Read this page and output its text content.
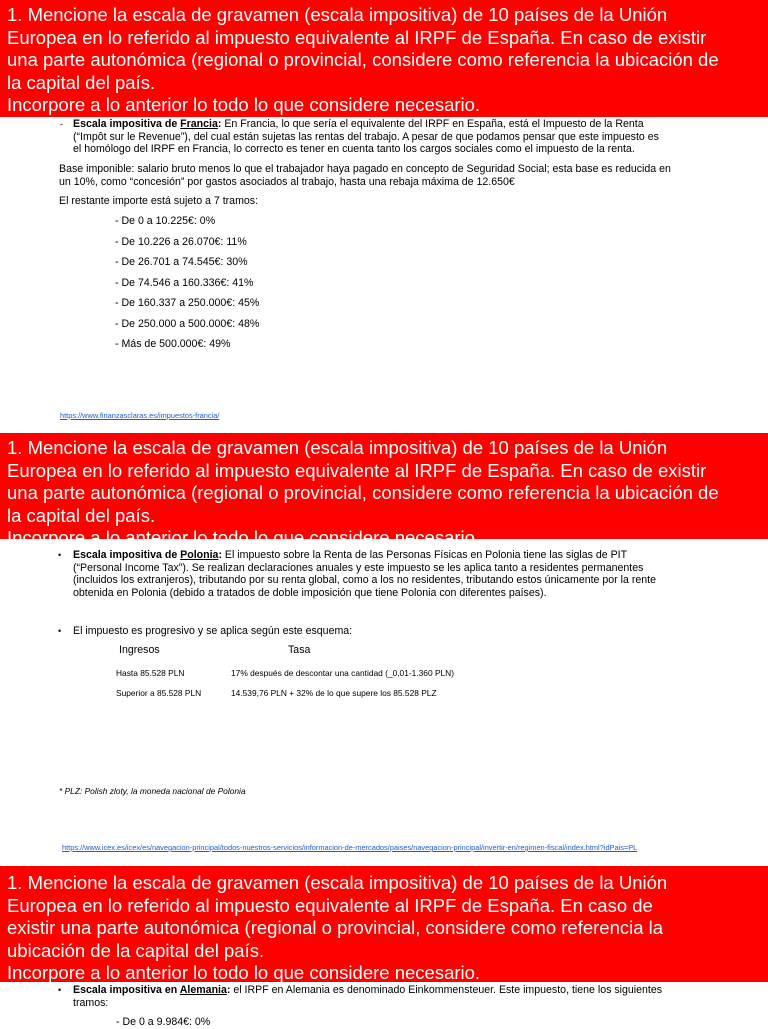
1. Mencione la escala de gravamen (escala impositiva) de 10 países de la Unión
Europea en lo referido al impuesto equivalente al IRPF de España. En caso de existir
una parte autonómica (regional o provincial, considere como referencia la ubicación de
la capital del país.
Incorpore a lo anterior lo todo lo que considere necesario.
- Escala impositiva de Francia: En Francia, lo que sería el equivalente del IRPF en España, está el Impuesto de la Renta
(“Impôt sur le Revenue”), del cual están sujetas las rentas del trabajo. A pesar de que podamos pensar que este impuesto es
el homólogo del IRPF en Francia, lo correcto es tener en cuenta tanto los cargos sociales como el impuesto de la renta.
Base imponible: salario bruto menos lo que el trabajador haya pagado en concepto de Seguridad Social; esta base es reducida en
un 10%, como “concesión” por gastos asociados al trabajo, hasta una rebaja máxima de 12.650€
El restante importe está sujeto a 7 tramos:
- De 0 a 10.225€: 0%
- De 10.226 a 26.070€: 11%
- De 26.701 a 74.545€: 30%
- De 74.546 a 160.336€: 41%
- De 160.337 a 250.000€: 45%
- De 250.000 a 500.000€: 48%
- Más de 500.000€: 49%
https://www.finanzasclaras.es/impuestos-francia/
1. Mencione la escala de gravamen (escala impositiva) de 10 países de la Unión
Europea en lo referido al impuesto equivalente al IRPF de España. En caso de existir
una parte autonómica (regional o provincial, considere como referencia la ubicación de
la capital del país.
Incorpore a lo anterior lo todo lo que considere necesario.
• Escala impositiva de Polonia: El impuesto sobre la Renta de las Personas Físicas en Polonia tiene las siglas de PIT
(“Personal Income Tax”). Se realizan declaraciones anuales y este impuesto se les aplica tanto a residentes permanentes
(incluidos los extranjeros), tributando por su renta global, como a los no residentes, tributando estos únicamente por la rente
obtenida en Polonia (debido a tratados de doble imposición que tiene Polonia con diferentes países).
• El impuesto es progresivo y se aplica según este esquema:
Ingresos	Tasa
Hasta 85.528 PLN	17% después de descontar una cantidad (_0,01-1.360 PLN)
Superior a 85.528 PLN	14.539,76 PLN + 32% de lo que supere los 85.528 PLZ
* PLZ: Polish zloty, la moneda nacional de Polonia
https://www.icex.es/icex/es/navegacion-principal/todos-nuestros-servicios/informacion-de-mercados/paises/navegacion-principal/invertir-en/regimen-fiscal/index.html?idPais=PL
1. Mencione la escala de gravamen (escala impositiva) de 10 países de la Unión
Europea en lo referido al impuesto equivalente al IRPF de España. En caso de
existir una parte autonómica (regional o provincial, considere como referencia la
ubicación de la capital del país.
Incorpore a lo anterior lo todo lo que considere necesario.
• Escala impositiva en Alemania: el IRPF en Alemania es denominado Einkommensteuer. Este impuesto, tiene los siguientes
tramos:
- De 0 a 9.984€: 0%
